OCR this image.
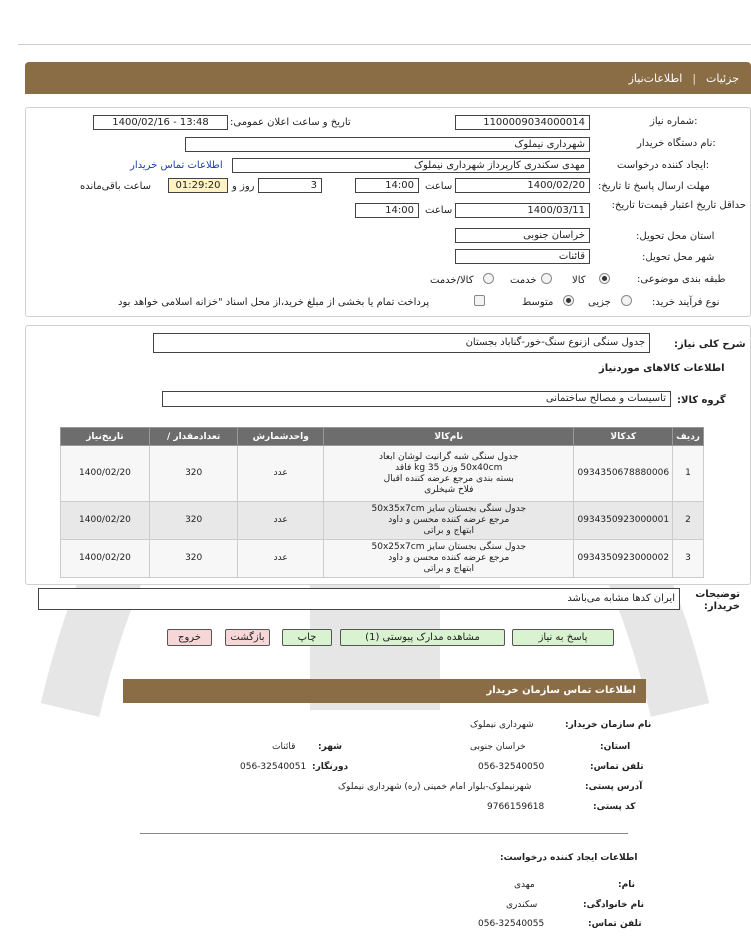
جزئیات
|
اطلاعات‌نیاز
شماره نیاز:
1100009034000014
تاریخ و ساعت اعلان عمومی:
1400/02/16 - 13:48
نام دستگاه خریدار:
شهرداری نیملوک
ایجاد کننده درخواست:
مهدی سکندری کارپرداز شهرداری نیملوک
اطلاعات تماس خریدار
مهلت ارسال پاسخ تا تاریخ:
1400/02/20
ساعت
14:00
3
روز و
01:29:20
ساعت باقی‌مانده
حداقل تاریخ اعتبار قیمت‌تا تاریخ:
1400/03/11
ساعت
14:00
استان محل تحویل:
خراسان جنوبی
شهر محل تحویل:
قائنات
طبقه بندی موضوعی:
کالا
خدمت
کالا/خدمت
نوع فرآیند خرید:
جزیی
متوسط
پرداخت تمام یا بخشی از مبلغ خرید،از محل اسناد "خزانه اسلامی خواهد بود
شرح کلی نیاز:
جدول سنگی ازنوع سنگ-خور-گناباد بجستان
اطلاعات کالاهای موردنیاز
گروه کالا:
تاسیسات و مصالح ساختمانی
ردیف	کدکالا	نام‌کالا	واحدشمارش	تعدادمقدار /	تاریخ‌نیاز
1	0934350678880006	جدول سنگی شبه گرانیت لوشان ابعاد
50x40cm وزن 35 kg فاقد
بسته بندی مرجع عرضه کننده اقبال
فلاح شیخلری	عدد	320	1400/02/20
2	0934350923000001	جدول سنگی بجستان سایز 50x35x7cm
مرجع عرضه کننده محسن و داود
ابتهاج و براتی	عدد	320	1400/02/20
3	0934350923000002	جدول سنگی بجستان سایز 50x25x7cm
مرجع عرضه کننده محسن و داود
ابتهاج و براتی	عدد	320	1400/02/20
توضیحات خریدار:
ایران کدها مشابه می‌باشد
پاسخ به نیاز
مشاهده مدارک پیوستی (1)
چاپ
بازگشت
خروج
اطلاعات تماس سازمان خریدار
نام سازمان خریدار:
شهرداری نیملوک
استان:
خراسان جنوبی
شهر:
قائنات
تلفن تماس:
056-32540050
دورنگار:
056-32540051
آدرس پستی:
شهرنیملوک-بلوار امام خمینی (ره) شهرداری نیملوک
کد پستی:
9766159618
اطلاعات ایجاد کننده درخواست:
نام:
مهدی
نام خانوادگی:
سکندری
تلفن تماس:
056-32540055
